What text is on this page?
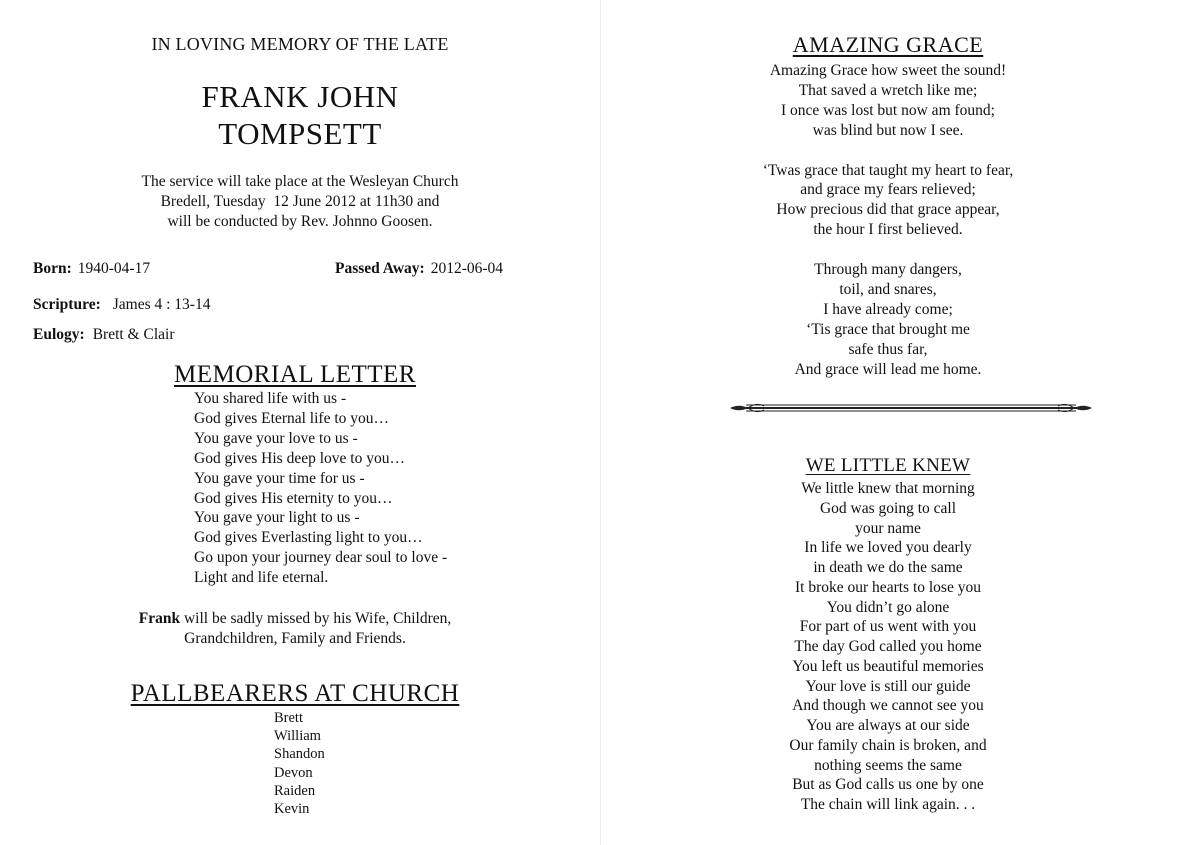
IN LOVING MEMORY OF THE LATE
FRANK JOHN
TOMPSETT
The service will take place at the Wesleyan Church
Bredell, Tuesday  12 June 2012 at 11h30 and
will be conducted by Rev. Johnno Goosen.
Born: 1940-04-17	Passed Away: 2012-06-04
Scripture: James 4 : 13-14
Eulogy: Brett & Clair
MEMORIAL LETTER
You shared life with us -
God gives Eternal life to you…
You gave your love to us -
God gives His deep love to you…
You gave your time for us -
God gives His eternity to you…
You gave your light to us -
God gives Everlasting light to you…
Go upon your journey dear soul to love -
Light and life eternal.
Frank will be sadly missed by his Wife, Children,
Grandchildren, Family and Friends.
PALLBEARERS AT CHURCH
Brett
William
Shandon
Devon
Raiden
Kevin
AMAZING GRACE
Amazing Grace how sweet the sound!
That saved a wretch like me;
I once was lost but now am found;
was blind but now I see.
‘Twas grace that taught my heart to fear,
and grace my fears relieved;
How precious did that grace appear,
the hour I first believed.
Through many dangers,
toil, and snares,
I have already come;
‘Tis grace that brought me
safe thus far,
And grace will lead me home.
WE LITTLE KNEW
We little knew that morning
God was going to call
your name
In life we loved you dearly
in death we do the same
It broke our hearts to lose you
You didn’t go alone
For part of us went with you
The day God called you home
You left us beautiful memories
Your love is still our guide
And though we cannot see you
You are always at our side
Our family chain is broken, and
nothing seems the same
But as God calls us one by one
The chain will link again. . .
